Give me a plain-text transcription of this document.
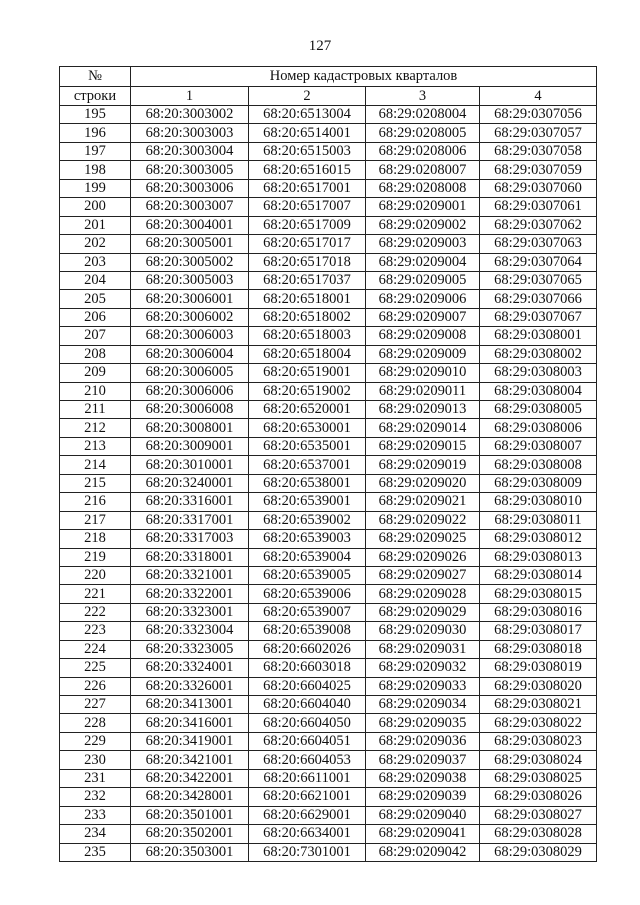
127
№	Номер кадастровых кварталов			
строки	1	2	3	4
195	68:20:3003002	68:20:6513004	68:29:0208004	68:29:0307056
196	68:20:3003003	68:20:6514001	68:29:0208005	68:29:0307057
197	68:20:3003004	68:20:6515003	68:29:0208006	68:29:0307058
198	68:20:3003005	68:20:6516015	68:29:0208007	68:29:0307059
199	68:20:3003006	68:20:6517001	68:29:0208008	68:29:0307060
200	68:20:3003007	68:20:6517007	68:29:0209001	68:29:0307061
201	68:20:3004001	68:20:6517009	68:29:0209002	68:29:0307062
202	68:20:3005001	68:20:6517017	68:29:0209003	68:29:0307063
203	68:20:3005002	68:20:6517018	68:29:0209004	68:29:0307064
204	68:20:3005003	68:20:6517037	68:29:0209005	68:29:0307065
205	68:20:3006001	68:20:6518001	68:29:0209006	68:29:0307066
206	68:20:3006002	68:20:6518002	68:29:0209007	68:29:0307067
207	68:20:3006003	68:20:6518003	68:29:0209008	68:29:0308001
208	68:20:3006004	68:20:6518004	68:29:0209009	68:29:0308002
209	68:20:3006005	68:20:6519001	68:29:0209010	68:29:0308003
210	68:20:3006006	68:20:6519002	68:29:0209011	68:29:0308004
211	68:20:3006008	68:20:6520001	68:29:0209013	68:29:0308005
212	68:20:3008001	68:20:6530001	68:29:0209014	68:29:0308006
213	68:20:3009001	68:20:6535001	68:29:0209015	68:29:0308007
214	68:20:3010001	68:20:6537001	68:29:0209019	68:29:0308008
215	68:20:3240001	68:20:6538001	68:29:0209020	68:29:0308009
216	68:20:3316001	68:20:6539001	68:29:0209021	68:29:0308010
217	68:20:3317001	68:20:6539002	68:29:0209022	68:29:0308011
218	68:20:3317003	68:20:6539003	68:29:0209025	68:29:0308012
219	68:20:3318001	68:20:6539004	68:29:0209026	68:29:0308013
220	68:20:3321001	68:20:6539005	68:29:0209027	68:29:0308014
221	68:20:3322001	68:20:6539006	68:29:0209028	68:29:0308015
222	68:20:3323001	68:20:6539007	68:29:0209029	68:29:0308016
223	68:20:3323004	68:20:6539008	68:29:0209030	68:29:0308017
224	68:20:3323005	68:20:6602026	68:29:0209031	68:29:0308018
225	68:20:3324001	68:20:6603018	68:29:0209032	68:29:0308019
226	68:20:3326001	68:20:6604025	68:29:0209033	68:29:0308020
227	68:20:3413001	68:20:6604040	68:29:0209034	68:29:0308021
228	68:20:3416001	68:20:6604050	68:29:0209035	68:29:0308022
229	68:20:3419001	68:20:6604051	68:29:0209036	68:29:0308023
230	68:20:3421001	68:20:6604053	68:29:0209037	68:29:0308024
231	68:20:3422001	68:20:6611001	68:29:0209038	68:29:0308025
232	68:20:3428001	68:20:6621001	68:29:0209039	68:29:0308026
233	68:20:3501001	68:20:6629001	68:29:0209040	68:29:0308027
234	68:20:3502001	68:20:6634001	68:29:0209041	68:29:0308028
235	68:20:3503001	68:20:7301001	68:29:0209042	68:29:0308029
